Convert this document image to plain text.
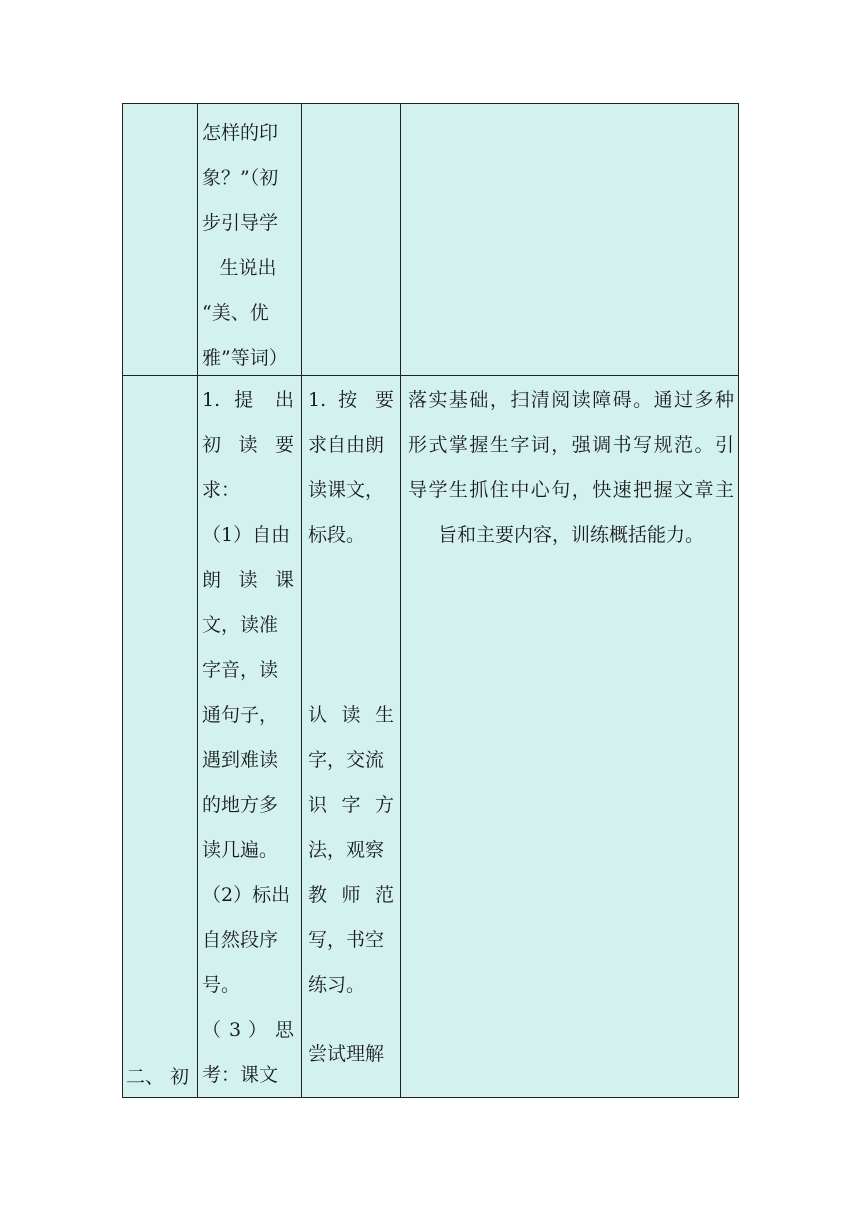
怎样的印
象？”（初
步引导学
生说出
“美、优
雅”等词）
二、 初
1. 提 出
初 读 要
求：
（1）自由
朗 读 课
文，读准
字音，读
通句子，
遇到难读
的地方多
读几遍。
（2）标出
自然段序
号。
（ 3 ） 思
考：课文
1. 按 要
求自由朗
读课文，
标段。
认 读 生
字，交流
识 字 方
法，观察
教 师 范
写，书空
练习。
尝试理解
落实基础，扫清阅读障碍。通过多种
形式掌握生字词，强调书写规范。引
导学生抓住中心句，快速把握文章主
旨和主要内容，训练概括能力。
